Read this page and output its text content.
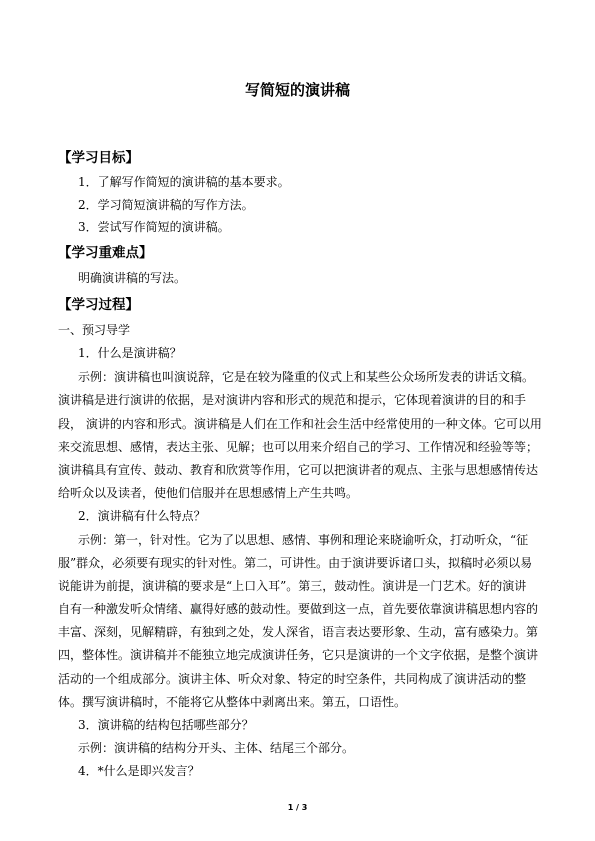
写简短的演讲稿
【学习目标】
1．了解写作简短的演讲稿的基本要求。
2．学习简短演讲稿的写作方法。
3．尝试写作简短的演讲稿。
【学习重难点】
明确演讲稿的写法。
【学习过程】
一、预习导学
1．什么是演讲稿？
示例：演讲稿也叫演说辞，它是在较为隆重的仪式上和某些公众场所发表的讲话文稿。
演讲稿是进行演讲的依据，是对演讲内容和形式的规范和提示，它体现着演讲的目的和手
段， 演讲的内容和形式。演讲稿是人们在工作和社会生活中经常使用的一种文体。它可以用
来交流思想、感情，表达主张、见解；也可以用来介绍自己的学习、工作情况和经验等等；
演讲稿具有宣传、鼓动、教育和欣赏等作用，它可以把演讲者的观点、主张与思想感情传达
给听众以及读者，使他们信服并在思想感情上产生共鸣。
2．演讲稿有什么特点？
示例：第一，针对性。它为了以思想、感情、事例和理论来晓谕听众，打动听众，“征
服”群众，必须要有现实的针对性。第二，可讲性。由于演讲要诉诸口头，拟稿时必须以易
说能讲为前提，演讲稿的要求是“上口入耳”。第三，鼓动性。演讲是一门艺术。好的演讲
自有一种激发听众情绪、赢得好感的鼓动性。要做到这一点，首先要依靠演讲稿思想内容的
丰富、深刻，见解精辟，有独到之处，发人深省，语言表达要形象、生动，富有感染力。第
四，整体性。演讲稿并不能独立地完成演讲任务，它只是演讲的一个文字依据，是整个演讲
活动的一个组成部分。演讲主体、听众对象、特定的时空条件，共同构成了演讲活动的整
体。撰写演讲稿时，不能将它从整体中剥离出来。第五，口语性。
3．演讲稿的结构包括哪些部分？
示例：演讲稿的结构分开头、主体、结尾三个部分。
4．*什么是即兴发言？
1 / 3
